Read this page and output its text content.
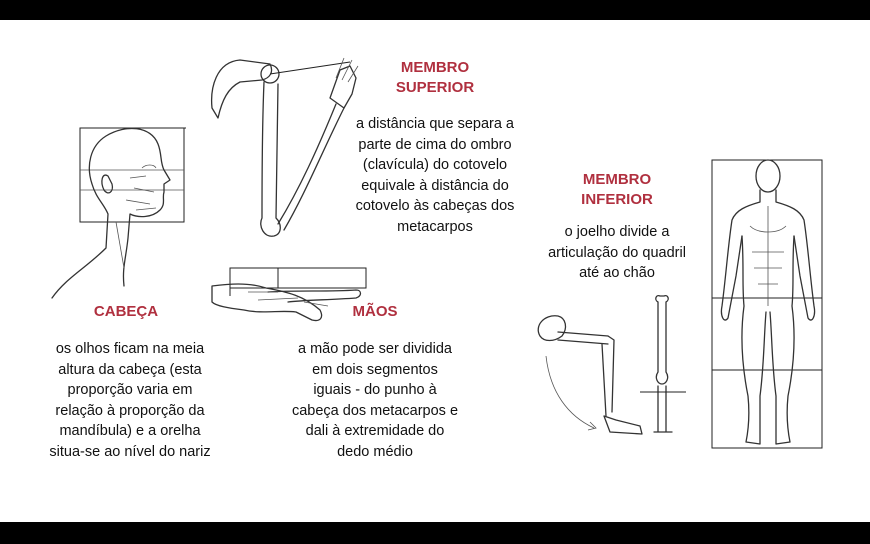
MEMBRO
SUPERIOR
a distância que separa a
parte de cima do ombro
(clavícula) do cotovelo
equivale à distância do
cotovelo às cabeças dos
metacarpos
MEMBRO
INFERIOR
o joelho divide a
articulação do quadril
até ao chão
CABEÇA
os olhos ficam na meia
altura da cabeça (esta
proporção varia em
relação à proporção da
mandíbula) e a orelha
situa-se ao nível do nariz
MÃOS
a mão pode ser dividida
em dois segmentos
iguais - do punho à
cabeça dos metacarpos e
dali à extremidade do
dedo médio
